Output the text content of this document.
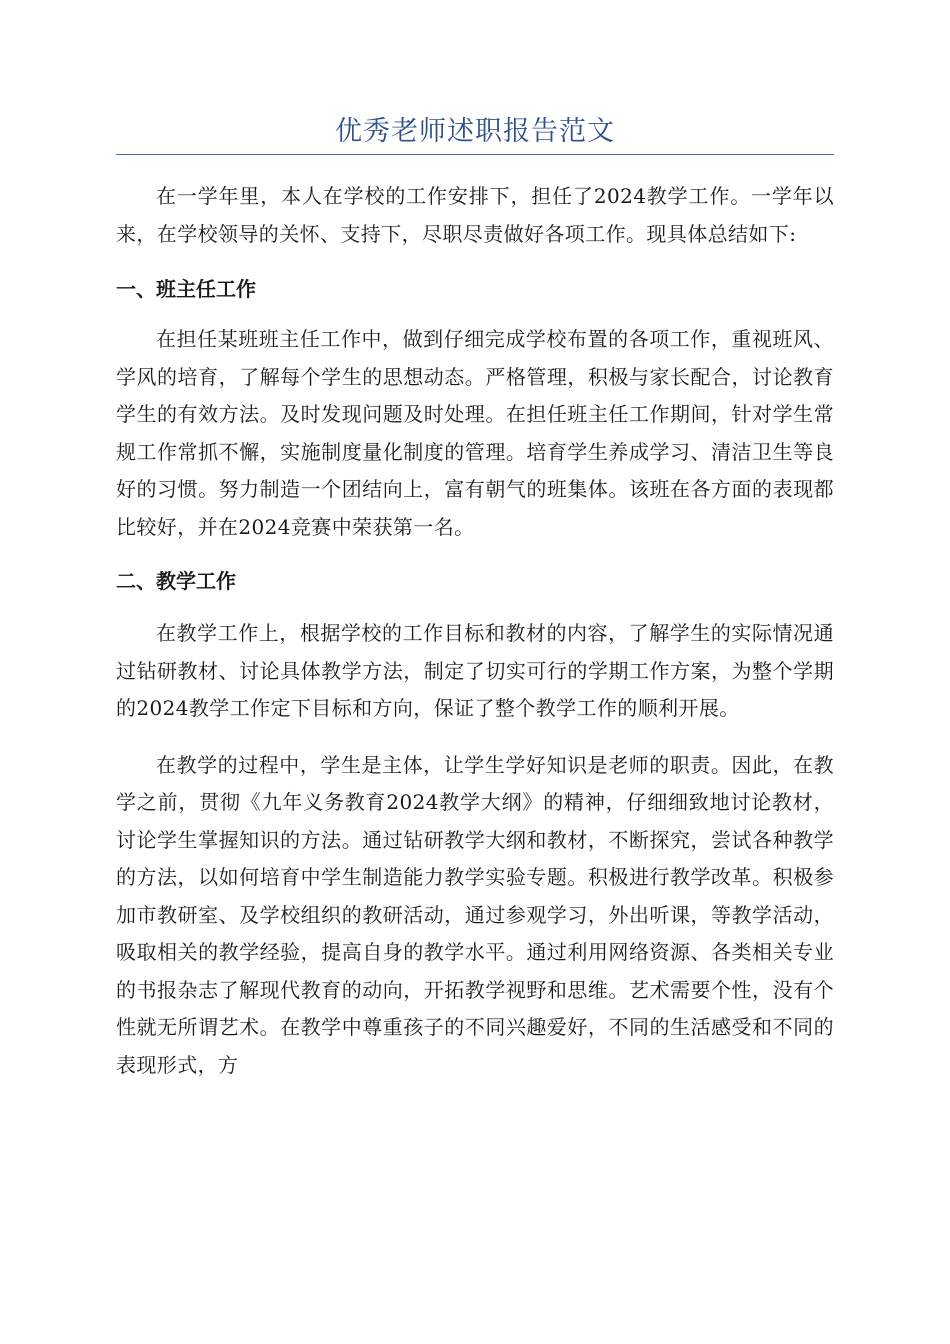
优秀老师述职报告范文

在一学年里，本人在学校的工作安排下，担任了2024教学工作。一学年以来，在学校领导的关怀、支持下，尽职尽责做好各项工作。现具体总结如下:

一、班主任工作

在担任某班班主任工作中，做到仔细完成学校布置的各项工作，重视班风、学风的培育，了解每个学生的思想动态。严格管理，积极与家长配合，讨论教育学生的有效方法。及时发现问题及时处理。在担任班主任工作期间，针对学生常规工作常抓不懈，实施制度量化制度的管理。培育学生养成学习、清洁卫生等良好的习惯。努力制造一个团结向上，富有朝气的班集体。该班在各方面的表现都比较好，并在2024竞赛中荣获第一名。

二、教学工作

在教学工作上，根据学校的工作目标和教材的内容，了解学生的实际情况通过钻研教材、讨论具体教学方法，制定了切实可行的学期工作方案，为整个学期的2024教学工作定下目标和方向，保证了整个教学工作的顺利开展。

在教学的过程中，学生是主体，让学生学好知识是老师的职责。因此，在教学之前，贯彻《九年义务教育2024教学大纲》的精神，仔细细致地讨论教材，讨论学生掌握知识的方法。通过钻研教学大纲和教材，不断探究，尝试各种教学的方法，以如何培育中学生制造能力教学实验专题。积极进行教学改革。积极参加市教研室、及学校组织的教研活动，通过参观学习，外出听课，等教学活动，吸取相关的教学经验，提高自身的教学水平。通过利用网络资源、各类相关专业的书报杂志了解现代教育的动向，开拓教学视野和思维。艺术需要个性，没有个性就无所谓艺术。在教学中尊重孩子的不同兴趣爱好，不同的生活感受和不同的表现形式，方
